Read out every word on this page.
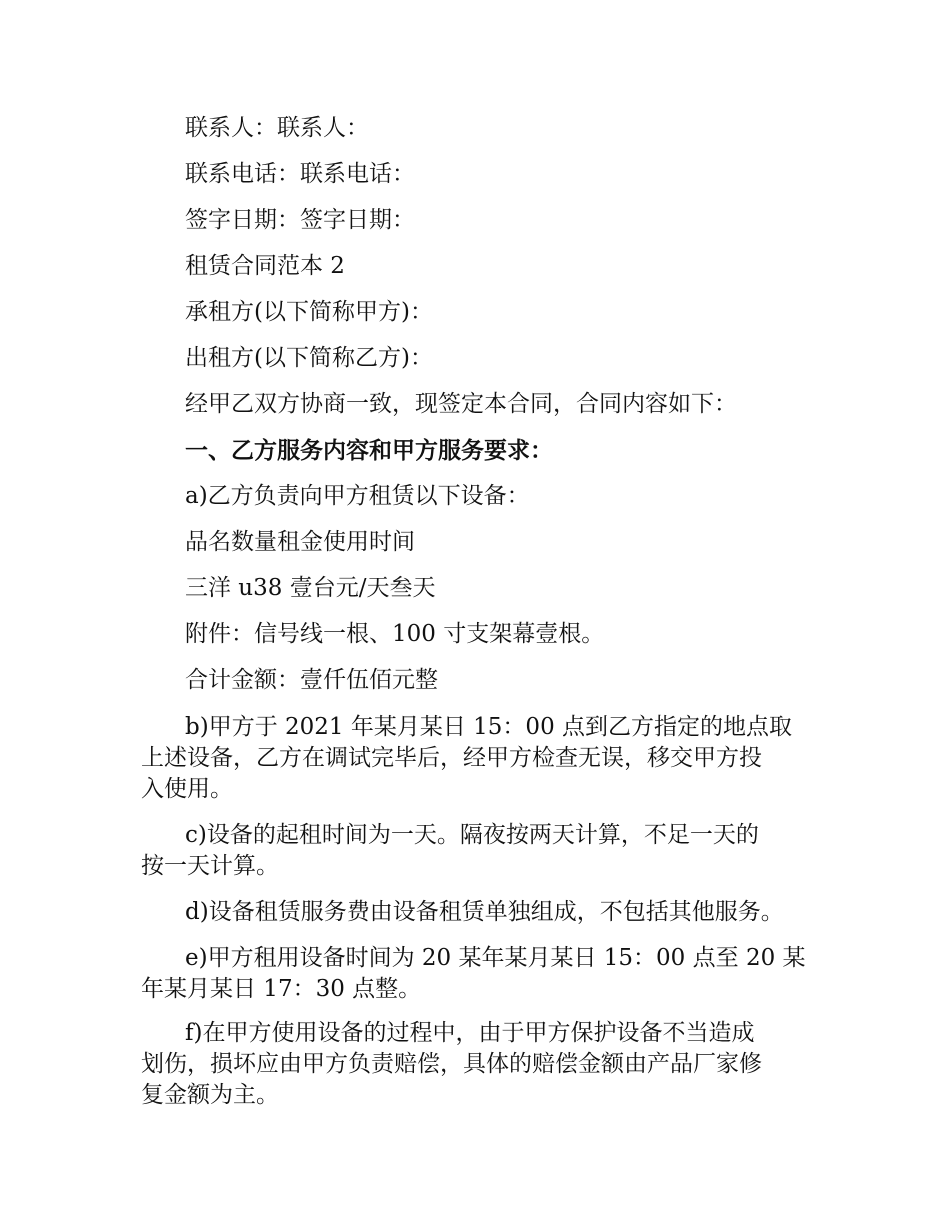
联系人：联系人：
联系电话：联系电话：
签字日期：签字日期：
租赁合同范本 2
承租方(以下简称甲方)：
出租方(以下简称乙方)：
经甲乙双方协商一致，现签定本合同，合同内容如下：
一、乙方服务内容和甲方服务要求：
a)乙方负责向甲方租赁以下设备：
品名数量租金使用时间
三洋 u38 壹台元/天叁天
附件：信号线一根、100 寸支架幕壹根。
合计金额：壹仟伍佰元整
b)甲方于 2021 年某月某日 15：00 点到乙方指定的地点取
上述设备，乙方在调试完毕后，经甲方检查无误，移交甲方投
入使用。
c)设备的起租时间为一天。隔夜按两天计算，不足一天的
按一天计算。
d)设备租赁服务费由设备租赁单独组成，不包括其他服务。
e)甲方租用设备时间为 20 某年某月某日 15：00 点至 20 某
年某月某日 17：30 点整。
f)在甲方使用设备的过程中，由于甲方保护设备不当造成
划伤，损坏应由甲方负责赔偿，具体的赔偿金额由产品厂家修
复金额为主。
